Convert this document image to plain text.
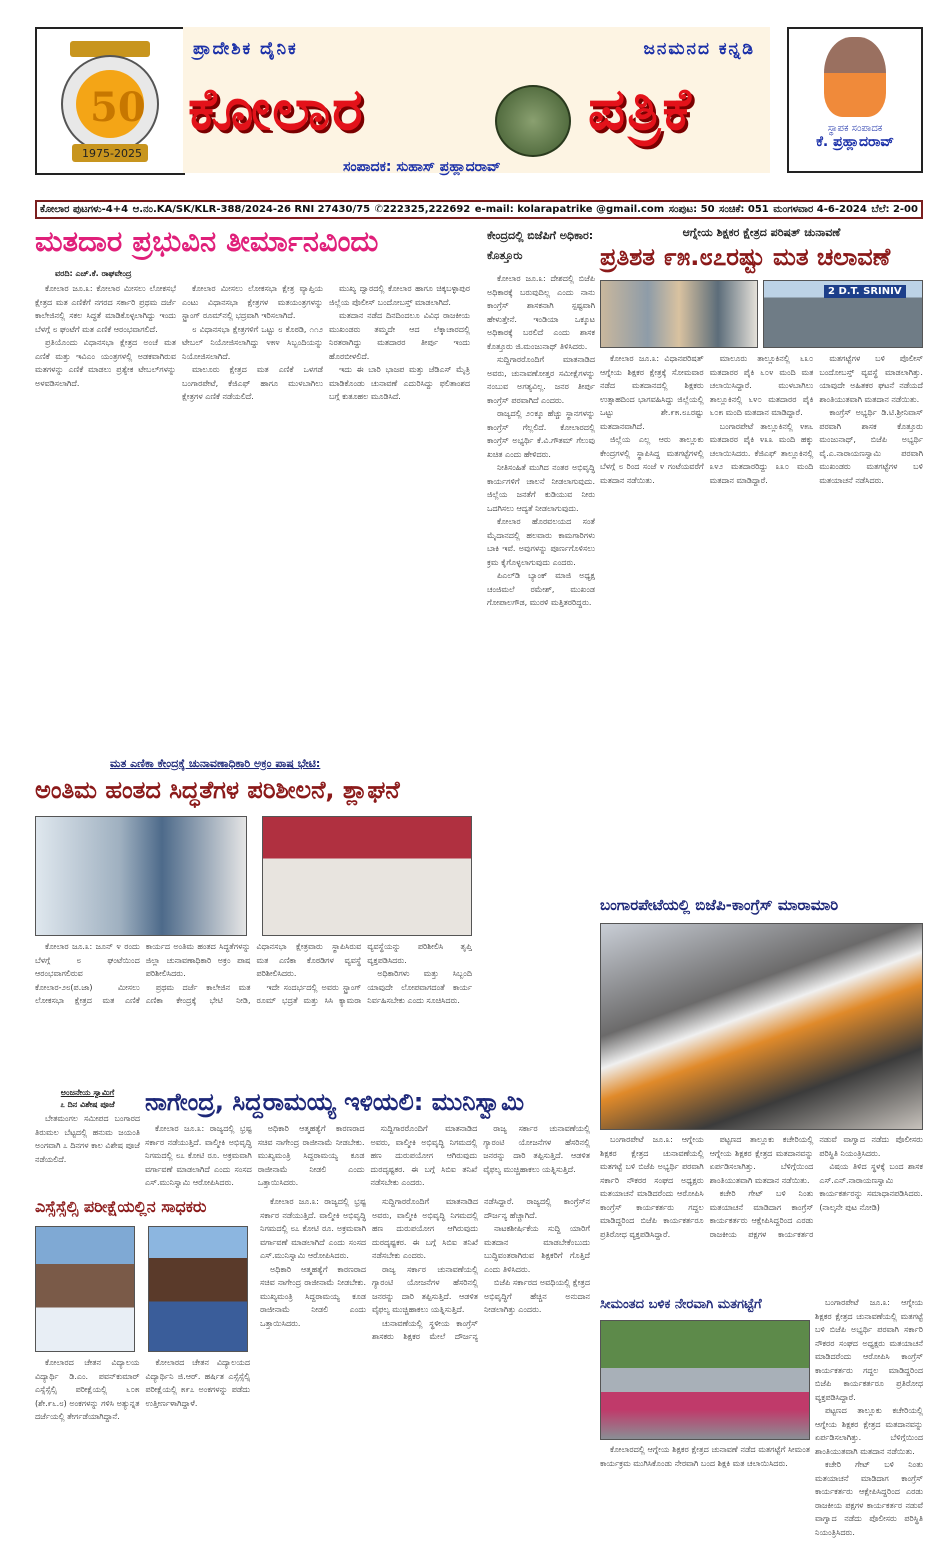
50
1975-2025
ಪ್ರಾದೇಶಿಕ ದೈನಿಕ	ಜನಮನದ ಕನ್ನಡಿ
ಕೋಲಾರ	ಪತ್ರಿಕೆ
ಸಂಪಾದಕ: ಸುಹಾಸ್ ಪ್ರಹ್ಲಾದರಾವ್
ಸ್ಥಾಪಕ ಸಂಪಾದಕ
ಕೆ. ಪ್ರಹ್ಲಾದರಾವ್
ಕೋಲಾರ ಪುಟಗಳು-4+4 ಆ.ನಂ.KA/SK/KLR-388/2024-26 RNI 27430/75 ✆222325,222692 e-mail: kolarapatrike @gmail.com ಸಂಪುಟ: 50 ಸಂಚಿಕೆ: 051 ಮಂಗಳವಾರ 4-6-2024 ಬೆಲೆ: 2-00
ಮತದಾರ ಪ್ರಭುವಿನ ತೀರ್ಮಾನವಿಂದು
ವರದಿ: ಎಚ್.ಕೆ. ರಾಘವೇಂದ್ರ

ಕೋಲಾರ ಜೂ.೩: ಕೋಲಾರ ಮೀಸಲು ಲೋಕಸಭೆ ಕ್ಷೇತ್ರದ ಮತ ಎಣಿಕೆಗೆ ನಗರದ ಸರ್ಕಾರಿ ಪ್ರಥಮ ದರ್ಜೆ ಕಾಲೇಜಿನಲ್ಲಿ ಸಕಲ ಸಿದ್ಧತೆ ಮಾಡಿಕೊಳ್ಳಲಾಗಿದ್ದು ಇಂದು ಬೆಳಗ್ಗೆ ೮ ಘಂಟೆಗೆ ಮತ ಎಣಿಕೆ ಆರಂಭವಾಗಲಿದೆ.

ಪ್ರತಿಯೊಂದು ವಿಧಾನಸಭಾ ಕ್ಷೇತ್ರದ ಅಂಚೆ ಮತ ಎಣಿಕೆ ಮತ್ತು ಇವಿಎಂ ಯಂತ್ರಗಳಲ್ಲಿ ಅಡಕವಾಗಿರುವ ಮತಗಳನ್ನು ಎಣಿಕೆ ಮಾಡಲು ಪ್ರತ್ಯೇಕ ಟೇಬಲ್‌ಗಳನ್ನು ಅಳವಡಿಸಲಾಗಿದೆ.

ಕೋಲಾರ ಮೀಸಲು ಲೋಕಸಭಾ ಕ್ಷೇತ್ರ ವ್ಯಾಪ್ತಿಯ ಎಂಟು ವಿಧಾನಸಭಾ ಕ್ಷೇತ್ರಗಳ ಮತಯಂತ್ರಗಳನ್ನು ಸ್ಟ್ರಾಂಗ್ ರೂಮ್‌ನಲ್ಲಿ ಭದ್ರವಾಗಿ ಇರಿಸಲಾಗಿದೆ.

೮ ವಿಧಾನಸಭಾ ಕ್ಷೇತ್ರಗಳಿಗೆ ಒಟ್ಟು ೮ ಕೊಠಡಿ, ೧೧೨ ಟೇಬಲ್ ನಿಯೋಜಿಸಲಾಗಿದ್ದು ೪೫೪ ಸಿಬ್ಬಂದಿಯನ್ನು ನಿಯೋಜಿಸಲಾಗಿದೆ.

ಮಾಲೂರು ಕ್ಷೇತ್ರದ ಮತ ಎಣಿಕೆ ಒಳಗಡೆ ಬಂಗಾರಪೇಟೆ, ಕೆಜಿಎಫ್ ಹಾಗೂ ಮುಳಬಾಗಿಲು ಕ್ಷೇತ್ರಗಳ ಎಣಿಕೆ ನಡೆಯಲಿದೆ.

ಮುಖ್ಯ ದ್ವಾರದಲ್ಲಿ ಕೋಲಾರ ಹಾಗೂ ಚಿಕ್ಕಬಳ್ಳಾಪುರ ಜಿಲ್ಲೆಯ ಪೊಲೀಸ್ ಬಂದೋಬಸ್ತ್ ಮಾಡಲಾಗಿದೆ.

ಮತದಾನ ನಡೆದ ದಿನದಿಂದಲೂ ವಿವಿಧ ರಾಜಕೀಯ ಮುಖಂಡರು ತಮ್ಮದೇ ಆದ ಲೆಕ್ಕಾಚಾರದಲ್ಲಿ ನಿರತರಾಗಿದ್ದು ಮತದಾರರ ತೀರ್ಪು ಇಂದು ಹೊರಬೀಳಲಿದೆ.

ಇದು ಈ ಬಾರಿ ಭಾಜಪ ಮತ್ತು ಜೆಡಿಎಸ್ ಮೈತ್ರಿ ಮಾಡಿಕೊಂಡು ಚುನಾವಣೆ ಎದುರಿಸಿದ್ದು ಫಲಿತಾಂಶದ ಬಗ್ಗೆ ಕುತೂಹಲ ಮೂಡಿಸಿದೆ.

ಕೇಂದ್ರದಲ್ಲಿ ಬಿಜೆಪಿಗೆ ಅಧಿಕಾರ: ಕೊತ್ತೂರು

ಕೋಲಾರ ಜೂ.೩: ದೇಶದಲ್ಲಿ ಬಿಜೆಪಿ ಅಧಿಕಾರಕ್ಕೆ ಬರುವುದಿಲ್ಲ ಎಂದು ನಾನು ಕಾಂಗ್ರೆಸ್ ಶಾಸಕನಾಗಿ ಸ್ಪಷ್ಟವಾಗಿ ಹೇಳುತ್ತೇನೆ. ಇಂಡಿಯಾ ಒಕ್ಕೂಟ ಅಧಿಕಾರಕ್ಕೆ ಬರಲಿದೆ ಎಂದು ಶಾಸಕ ಕೊತ್ತೂರು ಜಿ.ಮಂಜುನಾಥ್ ತಿಳಿಸಿದರು.

ಸುದ್ದಿಗಾರರೊಂದಿಗೆ ಮಾತನಾಡಿದ ಅವರು, ಚುನಾವಣೋತ್ತರ ಸಮೀಕ್ಷೆಗಳನ್ನು ನಂಬುವ ಅಗತ್ಯವಿಲ್ಲ. ಜನರ ತೀರ್ಪು ಕಾಂಗ್ರೆಸ್ ಪರವಾಗಿದೆ ಎಂದರು.

ರಾಜ್ಯದಲ್ಲಿ ೨೦ಕ್ಕೂ ಹೆಚ್ಚು ಸ್ಥಾನಗಳನ್ನು ಕಾಂಗ್ರೆಸ್ ಗೆಲ್ಲಲಿದೆ. ಕೋಲಾರದಲ್ಲಿ ಕಾಂಗ್ರೆಸ್ ಅಭ್ಯರ್ಥಿ ಕೆ.ವಿ.ಗೌತಮ್ ಗೆಲುವು ಖಚಿತ ಎಂದು ಹೇಳಿದರು.

ನೀತಿಸಂಹಿತೆ ಮುಗಿದ ನಂತರ ಅಭಿವೃದ್ಧಿ ಕಾರ್ಯಗಳಿಗೆ ಚಾಲನೆ ನೀಡಲಾಗುವುದು. ಜಿಲ್ಲೆಯ ಜನತೆಗೆ ಕುಡಿಯುವ ನೀರು ಒದಗಿಸಲು ಆದ್ಯತೆ ನೀಡಲಾಗುವುದು.

ಕೋಲಾರ ಹೊರವಲಯದ ಸಂತೆ ಮೈದಾನದಲ್ಲಿ ಹಲವಾರು ಕಾಮಗಾರಿಗಳು ಬಾಕಿ ಇವೆ. ಅವುಗಳನ್ನು ಪೂರ್ಣಗೊಳಿಸಲು ಕ್ರಮ ಕೈಗೊಳ್ಳಲಾಗುವುದು ಎಂದರು.

ಪಿಎಲ್‌ಡಿ ಬ್ಯಾಂಕ್ ಮಾಜಿ ಅಧ್ಯಕ್ಷ ಚಂಜಿಮಲೆ ರಮೇಶ್, ಮುಖಂಡ ಗೋಪಾಲಗೌಡ, ಮುರಳಿ ಮತ್ತಿತರರಿದ್ದರು.

ಆಗ್ನೇಯ ಶಿಕ್ಷಕರ ಕ್ಷೇತ್ರದ ಪರಿಷತ್ ಚುನಾವಣೆ
ಪ್ರತಿಶತ ೯೫.೮೭ರಷ್ಟು ಮತ ಚಲಾವಣೆ
2 D.T. SRINIV

ಕೋಲಾರ ಜೂ.೩: ವಿಧಾನಪರಿಷತ್ ಆಗ್ನೇಯ ಶಿಕ್ಷಕರ ಕ್ಷೇತ್ರಕ್ಕೆ ಸೋಮವಾರ ನಡೆದ ಮತದಾನದಲ್ಲಿ ಶಿಕ್ಷಕರು ಉತ್ಸಾಹದಿಂದ ಭಾಗವಹಿಸಿದ್ದು ಜಿಲ್ಲೆಯಲ್ಲಿ ಒಟ್ಟು ಶೇ.೯೫.೮೭ರಷ್ಟು ಮತದಾನವಾಗಿದೆ.

ಜಿಲ್ಲೆಯ ಎಲ್ಲ ಆರು ತಾಲ್ಲೂಕು ಕೇಂದ್ರಗಳಲ್ಲಿ ಸ್ಥಾಪಿಸಿದ್ದ ಮತಗಟ್ಟೆಗಳಲ್ಲಿ ಬೆಳಗ್ಗೆ ೮ ರಿಂದ ಸಂಜೆ ೪ ಗಂಟೆಯವರೆಗೆ ಮತದಾನ ನಡೆಯಿತು.

ಮಾಲೂರು ತಾಲ್ಲೂಕಿನಲ್ಲಿ ೬೩೦ ಮತದಾರರ ಪೈಕಿ ೬೦೪ ಮಂದಿ ಮತ ಚಲಾಯಿಸಿದ್ದಾರೆ. ಮುಳಬಾಗಿಲು ತಾಲ್ಲೂಕಿನಲ್ಲಿ ೬೪೦ ಮತದಾರರ ಪೈಕಿ ೬೦೫ ಮಂದಿ ಮತದಾನ ಮಾಡಿದ್ದಾರೆ.

ಬಂಗಾರಪೇಟೆ ತಾಲ್ಲೂಕಿನಲ್ಲಿ ೪೫೬ ಮತದಾರರ ಪೈಕಿ ೪೩೩ ಮಂದಿ ಹಕ್ಕು ಚಲಾಯಿಸಿದರು. ಕೆಜಿಎಫ್ ತಾಲ್ಲೂಕಿನಲ್ಲಿ ೩೪೨ ಮತದಾರರಿದ್ದು ೩೩೦ ಮಂದಿ ಮತದಾನ ಮಾಡಿದ್ದಾರೆ.

ಮತಗಟ್ಟೆಗಳ ಬಳಿ ಪೊಲೀಸ್ ಬಂದೋಬಸ್ತ್ ವ್ಯವಸ್ಥೆ ಮಾಡಲಾಗಿತ್ತು. ಯಾವುದೇ ಅಹಿತಕರ ಘಟನೆ ನಡೆಯದೆ ಶಾಂತಿಯುತವಾಗಿ ಮತದಾನ ನಡೆಯಿತು.

ಕಾಂಗ್ರೆಸ್ ಅಭ್ಯರ್ಥಿ ಡಿ.ಟಿ.ಶ್ರೀನಿವಾಸ್ ಪರವಾಗಿ ಶಾಸಕ ಕೊತ್ತೂರು ಮಂಜುನಾಥ್, ಬಿಜೆಪಿ ಅಭ್ಯರ್ಥಿ ವೈ.ಎ.ನಾರಾಯಣಸ್ವಾಮಿ ಪರವಾಗಿ ಮುಖಂಡರು ಮತಗಟ್ಟೆಗಳ ಬಳಿ ಮತಯಾಚನೆ ನಡೆಸಿದರು.

ಮತ ಎಣಿಕಾ ಕೇಂದ್ರಕ್ಕೆ ಚುನಾವಣಾಧಿಕಾರಿ ಅಕ್ರಂ ಪಾಷ ಭೇಟಿ:
ಅಂತಿಮ ಹಂತದ ಸಿದ್ಧತೆಗಳ ಪರಿಶೀಲನೆ, ಶ್ಲಾಘನೆ

ಕೋಲಾರ ಜೂ.೩: ಜೂನ್ ೪ ರಂದು ಬೆಳಗ್ಗೆ ೮ ಘಂಟೆಯಿಂದ ಆರಂಭವಾಗಲಿರುವ ಕೋಲಾರ-೨೮(ಪ.ಜಾ) ಮೀಸಲು ಲೋಕಸಭಾ ಕ್ಷೇತ್ರದ ಮತ ಎಣಿಕೆ ಕಾರ್ಯದ ಅಂತಿಮ ಹಂತದ ಸಿದ್ಧತೆಗಳನ್ನು ಜಿಲ್ಲಾ ಚುನಾವಣಾಧಿಕಾರಿ ಅಕ್ರಂ ಪಾಷ ಪರಿಶೀಲಿಸಿದರು.

ಪ್ರಥಮ ದರ್ಜೆ ಕಾಲೇಜಿನ ಮತ ಎಣಿಕಾ ಕೇಂದ್ರಕ್ಕೆ ಭೇಟಿ ನೀಡಿ, ವಿಧಾನಸಭಾ ಕ್ಷೇತ್ರವಾರು ಸ್ಥಾಪಿಸಿರುವ ಮತ ಎಣಿಕಾ ಕೊಠಡಿಗಳ ವ್ಯವಸ್ಥೆ ಪರಿಶೀಲಿಸಿದರು.

ಇದೇ ಸಂದರ್ಭದಲ್ಲಿ ಅವರು ಸ್ಟ್ರಾಂಗ್ ರೂಮ್ ಭದ್ರತೆ ಮತ್ತು ಸಿಸಿ ಕ್ಯಾಮರಾ ವ್ಯವಸ್ಥೆಯನ್ನು ಪರಿಶೀಲಿಸಿ ತೃಪ್ತಿ ವ್ಯಕ್ತಪಡಿಸಿದರು.

ಅಧಿಕಾರಿಗಳು ಮತ್ತು ಸಿಬ್ಬಂದಿ ಯಾವುದೇ ಲೋಪವಾಗದಂತೆ ಕಾರ್ಯ ನಿರ್ವಹಿಸಬೇಕು ಎಂದು ಸೂಚಿಸಿದರು.

ಅಂಜನೇಯ ಸ್ವಾಮಿಗೆ
೭ ದಿನ ವಿಶೇಷ ಪೂಜೆ

ಬೇತಮಂಗಲ ಸಮೀಪದ ಬಂಗಾರದ ತಿರುಮಲ ಬೆಟ್ಟದಲ್ಲಿ ಹನುಮ ಜಯಂತಿ ಅಂಗವಾಗಿ ೭ ದಿನಗಳ ಕಾಲ ವಿಶೇಷ ಪೂಜೆ ನಡೆಯಲಿದೆ.

ನಾಗೇಂದ್ರ, ಸಿದ್ದರಾಮಯ್ಯ ಇಳಿಯಲಿ: ಮುನಿಸ್ವಾಮಿ

ಕೋಲಾರ ಜೂ.೩: ರಾಜ್ಯದಲ್ಲಿ ಭ್ರಷ್ಟ ಸರ್ಕಾರ ನಡೆಯುತ್ತಿದೆ. ವಾಲ್ಮೀಕಿ ಅಭಿವೃದ್ಧಿ ನಿಗಮದಲ್ಲಿ ೮೭ ಕೋಟಿ ರೂ. ಅಕ್ರಮವಾಗಿ ವರ್ಗಾವಣೆ ಮಾಡಲಾಗಿದೆ ಎಂದು ಸಂಸದ ಎಸ್.ಮುನಿಸ್ವಾಮಿ ಆರೋಪಿಸಿದರು.

ಅಧಿಕಾರಿ ಆತ್ಮಹತ್ಯೆಗೆ ಕಾರಣರಾದ ಸಚಿವ ನಾಗೇಂದ್ರ ರಾಜೀನಾಮೆ ನೀಡಬೇಕು. ಮುಖ್ಯಮಂತ್ರಿ ಸಿದ್ದರಾಮಯ್ಯ ಕೂಡ ರಾಜೀನಾಮೆ ನೀಡಲಿ ಎಂದು ಒತ್ತಾಯಿಸಿದರು.

ಸುದ್ದಿಗಾರರೊಂದಿಗೆ ಮಾತನಾಡಿದ ಅವರು, ವಾಲ್ಮೀಕಿ ಅಭಿವೃದ್ಧಿ ನಿಗಮದಲ್ಲಿ ಹಣ ದುರುಪಯೋಗ ಆಗಿರುವುದು ದುರದೃಷ್ಟಕರ. ಈ ಬಗ್ಗೆ ಸಿಬಿಐ ತನಿಖೆ ನಡೆಸಬೇಕು ಎಂದರು.

ರಾಜ್ಯ ಸರ್ಕಾರ ಚುನಾವಣೆಯಲ್ಲಿ ಗ್ಯಾರಂಟಿ ಯೋಜನೆಗಳ ಹೆಸರಿನಲ್ಲಿ ಜನರನ್ನು ದಾರಿ ತಪ್ಪಿಸುತ್ತಿದೆ. ಆಡಳಿತ ವೈಫಲ್ಯ ಮುಚ್ಚಿಹಾಕಲು ಯತ್ನಿಸುತ್ತಿದೆ.

ಕೋಲಾರ ಜೂ.೩: ರಾಜ್ಯದಲ್ಲಿ ಭ್ರಷ್ಟ ಸರ್ಕಾರ ನಡೆಯುತ್ತಿದೆ. ವಾಲ್ಮೀಕಿ ಅಭಿವೃದ್ಧಿ ನಿಗಮದಲ್ಲಿ ೮೭ ಕೋಟಿ ರೂ. ಅಕ್ರಮವಾಗಿ ವರ್ಗಾವಣೆ ಮಾಡಲಾಗಿದೆ ಎಂದು ಸಂಸದ ಎಸ್.ಮುನಿಸ್ವಾಮಿ ಆರೋಪಿಸಿದರು.

ಅಧಿಕಾರಿ ಆತ್ಮಹತ್ಯೆಗೆ ಕಾರಣರಾದ ಸಚಿವ ನಾಗೇಂದ್ರ ರಾಜೀನಾಮೆ ನೀಡಬೇಕು. ಮುಖ್ಯಮಂತ್ರಿ ಸಿದ್ದರಾಮಯ್ಯ ಕೂಡ ರಾಜೀನಾಮೆ ನೀಡಲಿ ಎಂದು ಒತ್ತಾಯಿಸಿದರು.

ಸುದ್ದಿಗಾರರೊಂದಿಗೆ ಮಾತನಾಡಿದ ಅವರು, ವಾಲ್ಮೀಕಿ ಅಭಿವೃದ್ಧಿ ನಿಗಮದಲ್ಲಿ ಹಣ ದುರುಪಯೋಗ ಆಗಿರುವುದು ದುರದೃಷ್ಟಕರ. ಈ ಬಗ್ಗೆ ಸಿಬಿಐ ತನಿಖೆ ನಡೆಸಬೇಕು ಎಂದರು.

ರಾಜ್ಯ ಸರ್ಕಾರ ಚುನಾವಣೆಯಲ್ಲಿ ಗ್ಯಾರಂಟಿ ಯೋಜನೆಗಳ ಹೆಸರಿನಲ್ಲಿ ಜನರನ್ನು ದಾರಿ ತಪ್ಪಿಸುತ್ತಿದೆ. ಆಡಳಿತ ವೈಫಲ್ಯ ಮುಚ್ಚಿಹಾಕಲು ಯತ್ನಿಸುತ್ತಿದೆ.

ಚುನಾವಣೆಯಲ್ಲಿ ಸ್ಥಳೀಯ ಕಾಂಗ್ರೆಸ್ ಶಾಸಕರು ಶಿಕ್ಷಕರ ಮೇಲೆ ದೌರ್ಜನ್ಯ ನಡೆಸಿದ್ದಾರೆ. ರಾಜ್ಯದಲ್ಲಿ ಕಾಂಗ್ರೆಸ್‌ನ ದೌರ್ಜನ್ಯ ಹೆಚ್ಚಾಗಿದೆ.

ನಾಟಕಶೀರ್ಷಿಕೆಯ ಸುದ್ದಿ ಯಾರಿಗೆ ಮತದಾನ ಮಾಡಬೇಕೆಂಬುದು ಬುದ್ಧಿವಂತರಾಗಿರುವ ಶಿಕ್ಷಕರಿಗೆ ಗೊತ್ತಿದೆ ಎಂದು ತಿಳಿಸಿದರು.

ಬಿಜೆಪಿ ಸರ್ಕಾರದ ಅವಧಿಯಲ್ಲಿ ಕ್ಷೇತ್ರದ ಅಭಿವೃದ್ಧಿಗೆ ಹೆಚ್ಚಿನ ಅನುದಾನ ನೀಡಲಾಗಿತ್ತು ಎಂದರು.

ಎಸ್ಸೆಸ್ಸೆಲ್ಸಿ ಪರೀಕ್ಷೆಯಲ್ಲಿನ ಸಾಧಕರು

ಕೋಲಾರದ ಚೇತನ ವಿದ್ಯಾಲಯ ವಿದ್ಯಾರ್ಥಿ ಡಿ.ಎಂ. ಪವನ್‌ಕುಮಾರ್ ಎಸ್ಸೆಸ್ಸೆಲ್ಸಿ ಪರೀಕ್ಷೆಯಲ್ಲಿ ೬೦೫ (ಶೇ.೯೬.೮) ಅಂಕಗಳನ್ನು ಗಳಿಸಿ ಅತ್ಯುನ್ನತ ದರ್ಜೆಯಲ್ಲಿ ತೇರ್ಗಡೆಯಾಗಿದ್ದಾನೆ.

ಕೋಲಾರದ ಚೇತನ ವಿದ್ಯಾಲಯದ ವಿದ್ಯಾರ್ಥಿನಿ ಜಿ.ಆರ್. ಹರ್ಷಿತ ಎಸ್ಸೆಸ್ಸೆಲ್ಸಿ ಪರೀಕ್ಷೆಯಲ್ಲಿ ೫೯೭ ಅಂಕಗಳನ್ನು ಪಡೆದು ಉತ್ತೀರ್ಣಳಾಗಿದ್ದಾಳೆ.

ಬಂಗಾರಪೇಟೆಯಲ್ಲಿ ಬಿಜೆಪಿ-ಕಾಂಗ್ರೆಸ್ ಮಾರಾಮಾರಿ

ಬಂಗಾರಪೇಟೆ ಜೂ.೩: ಆಗ್ನೇಯ ಶಿಕ್ಷಕರ ಕ್ಷೇತ್ರದ ಚುನಾವಣೆಯಲ್ಲಿ ಮತಗಟ್ಟೆ ಬಳಿ ಬಿಜೆಪಿ ಅಭ್ಯರ್ಥಿ ಪರವಾಗಿ ಸರ್ಕಾರಿ ನೌಕರರ ಸಂಘದ ಅಧ್ಯಕ್ಷರು ಮತಯಾಚನೆ ಮಾಡಿದರೆಂದು ಆರೋಪಿಸಿ ಕಾಂಗ್ರೆಸ್ ಕಾರ್ಯಕರ್ತರು ಗದ್ದಲ ಮಾಡಿದ್ದರಿಂದ ಬಿಜೆಪಿ ಕಾರ್ಯಕರ್ತರೂ ಪ್ರತಿರೋಧ ವ್ಯಕ್ತಪಡಿಸಿದ್ದಾರೆ.

ಪಟ್ಟಣದ ತಾಲ್ಲೂಕು ಕಚೇರಿಯಲ್ಲಿ ಆಗ್ನೇಯ ಶಿಕ್ಷಕರ ಕ್ಷೇತ್ರದ ಮತದಾನವನ್ನು ಏರ್ಪಡಿಸಲಾಗಿತ್ತು. ಬೆಳಿಗ್ಗೆಯಿಂದ ಶಾಂತಿಯುತವಾಗಿ ಮತದಾನ ನಡೆಯಿತು.

ಕಚೇರಿ ಗೇಟ್ ಬಳಿ ನಿಂತು ಮತಯಾಚನೆ ಮಾಡಿದಾಗ ಕಾಂಗ್ರೆಸ್ ಕಾರ್ಯಕರ್ತರು ಆಕ್ಷೇಪಿಸಿದ್ದರಿಂದ ಎರಡು ರಾಜಕೀಯ ಪಕ್ಷಗಳ ಕಾರ್ಯಕರ್ತರ ನಡುವೆ ವಾಗ್ವಾದ ನಡೆದು ಪೊಲೀಸರು ಪರಿಸ್ಥಿತಿ ನಿಯಂತ್ರಿಸಿದರು.

ವಿಷಯ ತಿಳಿದ ಸ್ಥಳಕ್ಕೆ ಬಂದ ಶಾಸಕ ಎಸ್.ಎನ್.ನಾರಾಯಣಸ್ವಾಮಿ ಕಾರ್ಯಕರ್ತರನ್ನು ಸಮಾಧಾನಪಡಿಸಿದರು. (ನಾಲ್ಕನೇ ಪುಟ ನೋಡಿ)

ಸೀಮಂತದ ಬಳಿಕ ನೇರವಾಗಿ ಮತಗಟ್ಟೆಗೆ

ಕೋಲಾರದಲ್ಲಿ ಆಗ್ನೇಯ ಶಿಕ್ಷಕರ ಕ್ಷೇತ್ರದ ಚುನಾವಣೆ ನಡೆದ ಮತಗಟ್ಟೆಗೆ ಸೀಮಂತ ಕಾರ್ಯಕ್ರಮ ಮುಗಿಸಿಕೊಂಡು ನೇರವಾಗಿ ಬಂದ ಶಿಕ್ಷಕಿ ಮತ ಚಲಾಯಿಸಿದರು.

ಬಂಗಾರಪೇಟೆ ಜೂ.೩: ಆಗ್ನೇಯ ಶಿಕ್ಷಕರ ಕ್ಷೇತ್ರದ ಚುನಾವಣೆಯಲ್ಲಿ ಮತಗಟ್ಟೆ ಬಳಿ ಬಿಜೆಪಿ ಅಭ್ಯರ್ಥಿ ಪರವಾಗಿ ಸರ್ಕಾರಿ ನೌಕರರ ಸಂಘದ ಅಧ್ಯಕ್ಷರು ಮತಯಾಚನೆ ಮಾಡಿದರೆಂದು ಆರೋಪಿಸಿ ಕಾಂಗ್ರೆಸ್ ಕಾರ್ಯಕರ್ತರು ಗದ್ದಲ ಮಾಡಿದ್ದರಿಂದ ಬಿಜೆಪಿ ಕಾರ್ಯಕರ್ತರೂ ಪ್ರತಿರೋಧ ವ್ಯಕ್ತಪಡಿಸಿದ್ದಾರೆ.

ಪಟ್ಟಣದ ತಾಲ್ಲೂಕು ಕಚೇರಿಯಲ್ಲಿ ಆಗ್ನೇಯ ಶಿಕ್ಷಕರ ಕ್ಷೇತ್ರದ ಮತದಾನವನ್ನು ಏರ್ಪಡಿಸಲಾಗಿತ್ತು. ಬೆಳಿಗ್ಗೆಯಿಂದ ಶಾಂತಿಯುತವಾಗಿ ಮತದಾನ ನಡೆಯಿತು.

ಕಚೇರಿ ಗೇಟ್ ಬಳಿ ನಿಂತು ಮತಯಾಚನೆ ಮಾಡಿದಾಗ ಕಾಂಗ್ರೆಸ್ ಕಾರ್ಯಕರ್ತರು ಆಕ್ಷೇಪಿಸಿದ್ದರಿಂದ ಎರಡು ರಾಜಕೀಯ ಪಕ್ಷಗಳ ಕಾರ್ಯಕರ್ತರ ನಡುವೆ ವಾಗ್ವಾದ ನಡೆದು ಪೊಲೀಸರು ಪರಿಸ್ಥಿತಿ ನಿಯಂತ್ರಿಸಿದರು.
